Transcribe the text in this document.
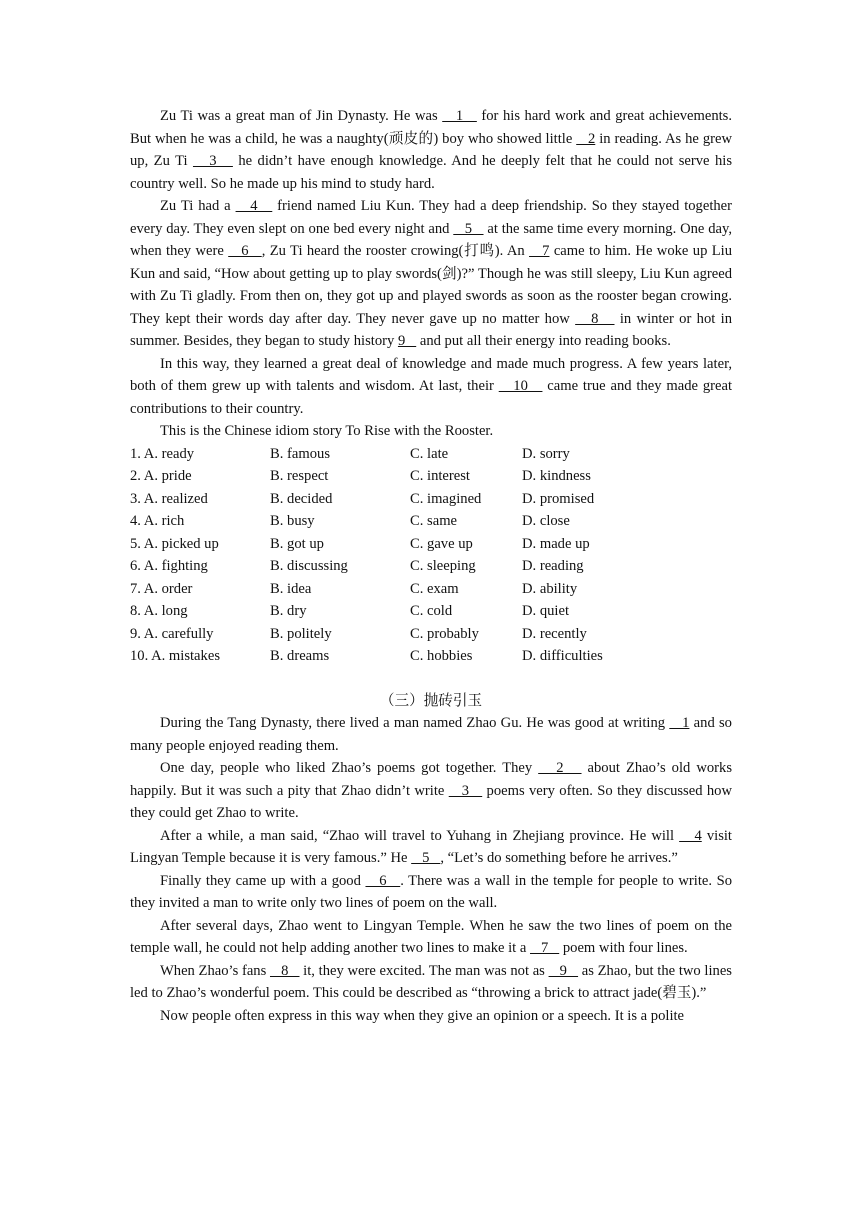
Zu Ti was a great man of Jin Dynasty. He was    1    for his hard work and great achievements. But when he was a child, he was a naughty(顽皮的) boy who showed little    2 in reading. As he grew up, Zu Ti    3    he didn’t have enough knowledge. And he deeply felt that he could not serve his country well. So he made up his mind to study hard.

Zu Ti had a    4    friend named Liu Kun. They had a deep friendship. So they stayed together every day. They even slept on one bed every night and    5    at the same time every morning. One day, when they were    6   , Zu Ti heard the rooster crowing(打鸣). An    7 came to him. He woke up Liu Kun and said, “How about getting up to play swords(剑)?” Though he was still sleepy, Liu Kun agreed with Zu Ti gladly. From then on, they got up and played swords as soon as the rooster began crowing. They kept their words day after day. They never gave up no matter how    8    in winter or hot in summer. Besides, they began to study history 9    and put all their energy into reading books.

In this way, they learned a great deal of knowledge and made much progress. A few years later, both of them grew up with talents and wisdom. At last, their    10    came true and they made great contributions to their country.

This is the Chinese idiom story To Rise with the Rooster.

1. A. ready	B. famous	C. late	D. sorry
2. A. pride	B. respect	C. interest	D. kindness
3. A. realized	B. decided	C. imagined	D. promised
4. A. rich	B. busy	C. same	D. close
5. A. picked up	B. got up	C. gave up	D. made up
6. A. fighting	B. discussing	C. sleeping	D. reading
7. A. order	B. idea	C. exam	D. ability
8. A. long	B. dry	C. cold	D. quiet
9. A. carefully	B. politely	C. probably	D. recently
10. A. mistakes	B. dreams	C. hobbies	D. difficulties
（三）抛砖引玉

During the Tang Dynasty, there lived a man named Zhao Gu. He was good at writing    1 and so many people enjoyed reading them.

One day, people who liked Zhao’s poems got together. They    2    about Zhao’s old works happily. But it was such a pity that Zhao didn’t write    3    poems very often. So they discussed how they could get Zhao to write.

After a while, a man said, “Zhao will travel to Yuhang in Zhejiang province. He will    4 visit Lingyan Temple because it is very famous.” He    5   , “Let’s do something before he arrives.”

Finally they came up with a good    6   . There was a wall in the temple for people to write. So they invited a man to write only two lines of poem on the wall.

After several days, Zhao went to Lingyan Temple. When he saw the two lines of poem on the temple wall, he could not help adding another two lines to make it a    7    poem with four lines.

When Zhao’s fans    8    it, they were excited. The man was not as    9    as Zhao, but the two lines led to Zhao’s wonderful poem. This could be described as “throwing a brick to attract jade(碧玉).”

Now people often express in this way when they give an opinion or a speech. It is a polite
